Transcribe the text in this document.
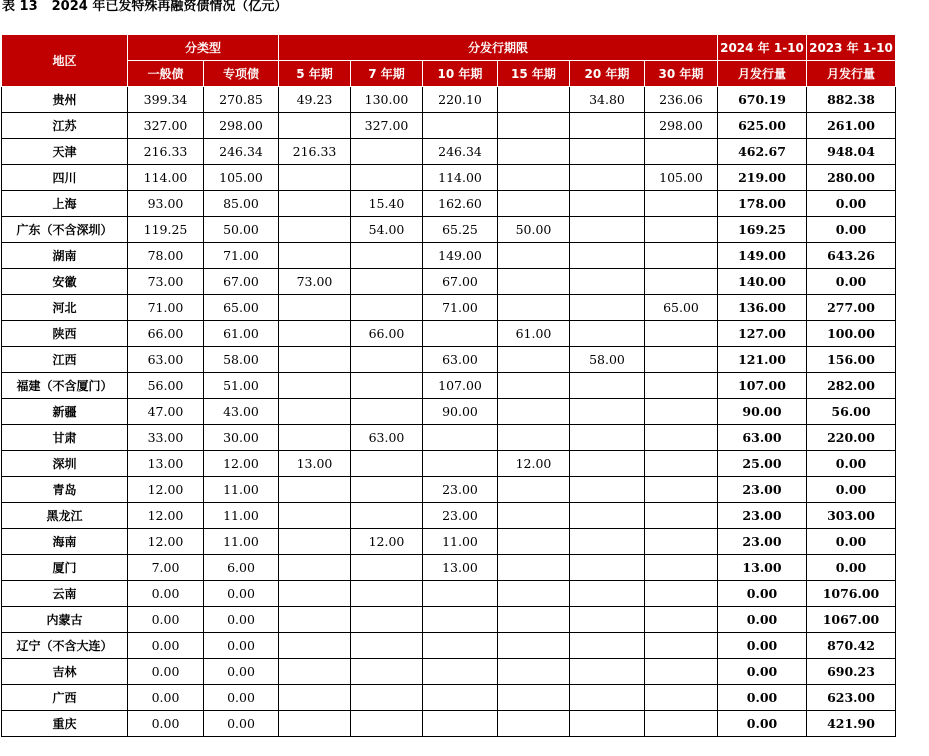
表 13 2024 年已发特殊再融资债情况（亿元）
地区	分类型		分发行期限						2024 年 1-10	2023 年 1-10
	一般债	专项债	5 年期	7 年期	10 年期	15 年期	20 年期	30 年期	月发行量	月发行量
贵州	399.34	270.85	49.23	130.00	220.10		34.80	236.06	670.19	882.38
江苏	327.00	298.00		327.00				298.00	625.00	261.00
天津	216.33	246.34	216.33		246.34				462.67	948.04
四川	114.00	105.00			114.00			105.00	219.00	280.00
上海	93.00	85.00		15.40	162.60				178.00	0.00
广东（不含深圳）	119.25	50.00		54.00	65.25	50.00			169.25	0.00
湖南	78.00	71.00			149.00				149.00	643.26
安徽	73.00	67.00	73.00		67.00				140.00	0.00
河北	71.00	65.00			71.00			65.00	136.00	277.00
陕西	66.00	61.00		66.00		61.00			127.00	100.00
江西	63.00	58.00			63.00		58.00		121.00	156.00
福建（不含厦门）	56.00	51.00			107.00				107.00	282.00
新疆	47.00	43.00			90.00				90.00	56.00
甘肃	33.00	30.00		63.00					63.00	220.00
深圳	13.00	12.00	13.00			12.00			25.00	0.00
青岛	12.00	11.00			23.00				23.00	0.00
黑龙江	12.00	11.00			23.00				23.00	303.00
海南	12.00	11.00		12.00	11.00				23.00	0.00
厦门	7.00	6.00			13.00				13.00	0.00
云南	0.00	0.00							0.00	1076.00
内蒙古	0.00	0.00							0.00	1067.00
辽宁（不含大连）	0.00	0.00							0.00	870.42
吉林	0.00	0.00							0.00	690.23
广西	0.00	0.00							0.00	623.00
重庆	0.00	0.00							0.00	421.90
